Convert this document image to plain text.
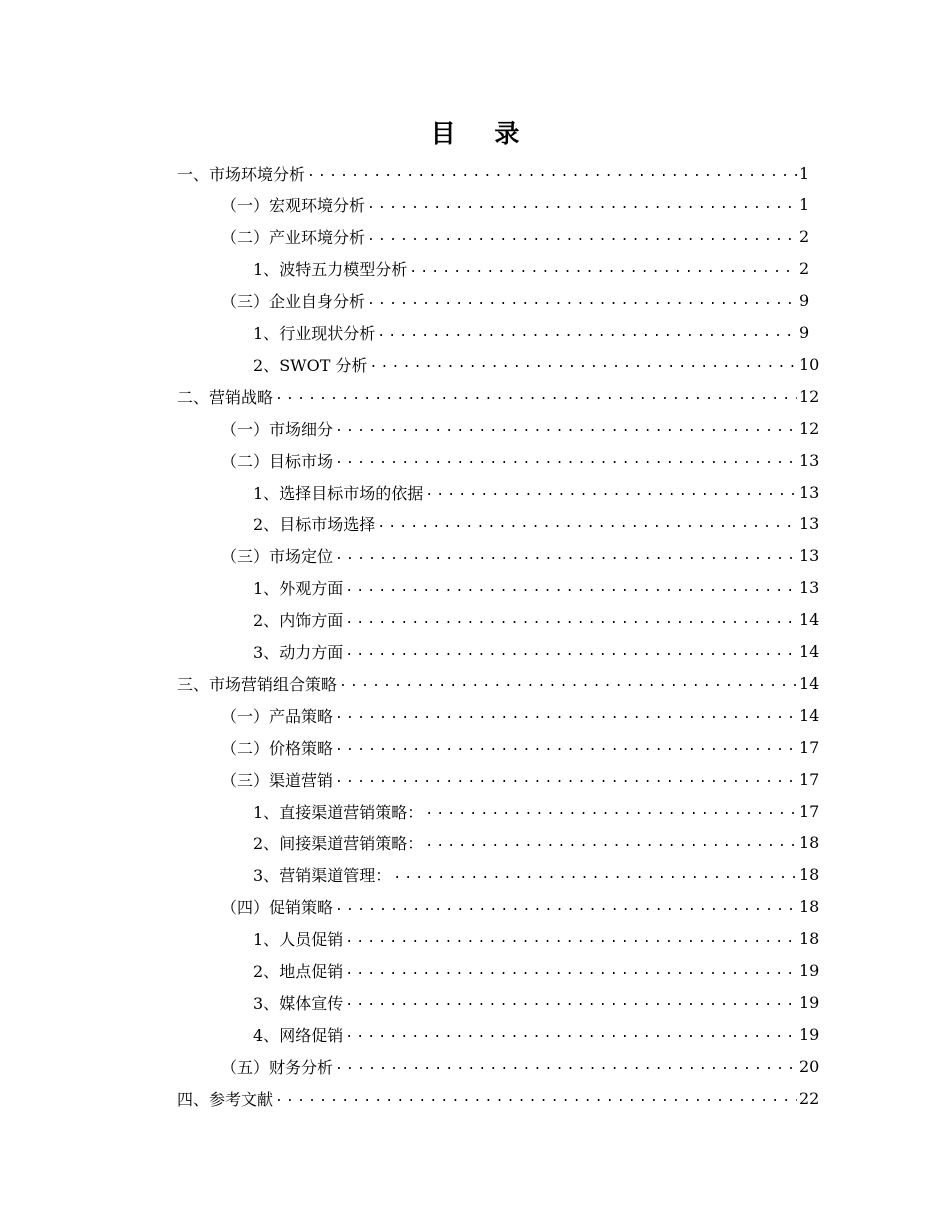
目 录
一、 市场环境分析 .....	1
（一） 宏观环境分析 .....	1
（二） 产业环境分析 .....	2
1、 波特五力模型分析 .....	2
（三） 企业自身分析 .....	9
1、 行业现状分析 .....	9
2、 SWOT 分析 .....	10
二、 营销战略 .....	12
（一） 市场细分 .....	12
（二） 目标市场 .....	13
1、 选择目标市场的依据 .....	13
2、 目标市场选择 .....	13
（三） 市场定位 .....	13
1、 外观方面 .....	13
2、 内饰方面 .....	14
3、 动力方面 .....	14
三、 市场营销组合策略 .....	14
（一） 产品策略 .....	14
（二） 价格策略 .....	17
（三） 渠道营销 .....	17
1、 直接渠道营销策略： .....	17
2、 间接渠道营销策略： .....	18
3、 营销渠道管理： .....	18
（四） 促销策略 .....	18
1、 人员促销 .....	18
2、 地点促销 .....	19
3、 媒体宣传 .....	19
4、 网络促销 .....	19
（五） 财务分析 .....	20
四、 参考文献 .....	22
